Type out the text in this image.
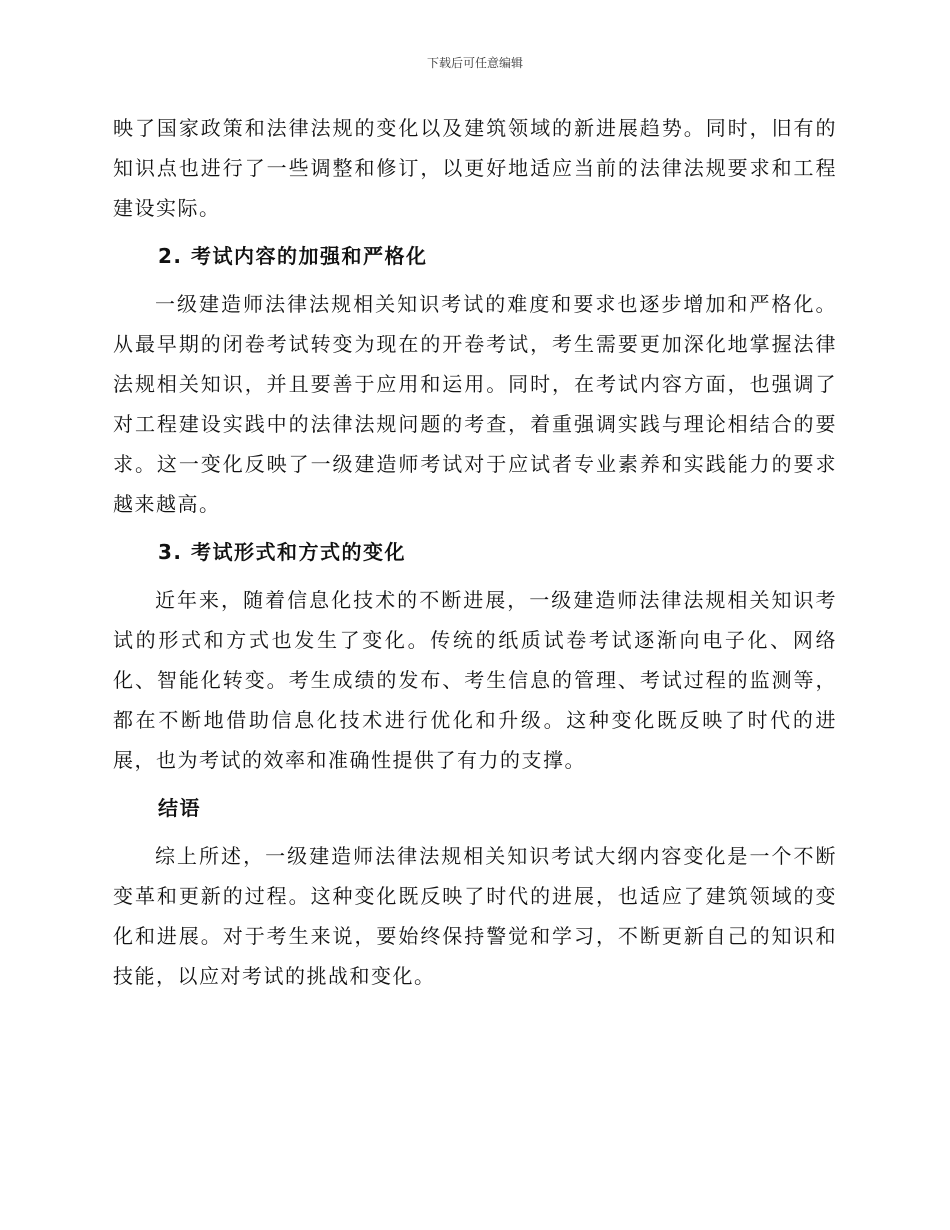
下载后可任意编辑

映了国家政策和法律法规的变化以及建筑领域的新进展趋势。同时，旧有的知识点也进行了一些调整和修订，以更好地适应当前的法律法规要求和工程建设实际。

2. 考试内容的加强和严格化

一级建造师法律法规相关知识考试的难度和要求也逐步增加和严格化。从最早期的闭卷考试转变为现在的开卷考试，考生需要更加深化地掌握法律法规相关知识，并且要善于应用和运用。同时，在考试内容方面，也强调了对工程建设实践中的法律法规问题的考查，着重强调实践与理论相结合的要求。这一变化反映了一级建造师考试对于应试者专业素养和实践能力的要求越来越高。

3. 考试形式和方式的变化

近年来，随着信息化技术的不断进展，一级建造师法律法规相关知识考试的形式和方式也发生了变化。传统的纸质试卷考试逐渐向电子化、网络化、智能化转变。考生成绩的发布、考生信息的管理、考试过程的监测等，都在不断地借助信息化技术进行优化和升级。这种变化既反映了时代的进展，也为考试的效率和准确性提供了有力的支撑。

结语

综上所述，一级建造师法律法规相关知识考试大纲内容变化是一个不断变革和更新的过程。这种变化既反映了时代的进展，也适应了建筑领域的变化和进展。对于考生来说，要始终保持警觉和学习，不断更新自己的知识和技能，以应对考试的挑战和变化。
